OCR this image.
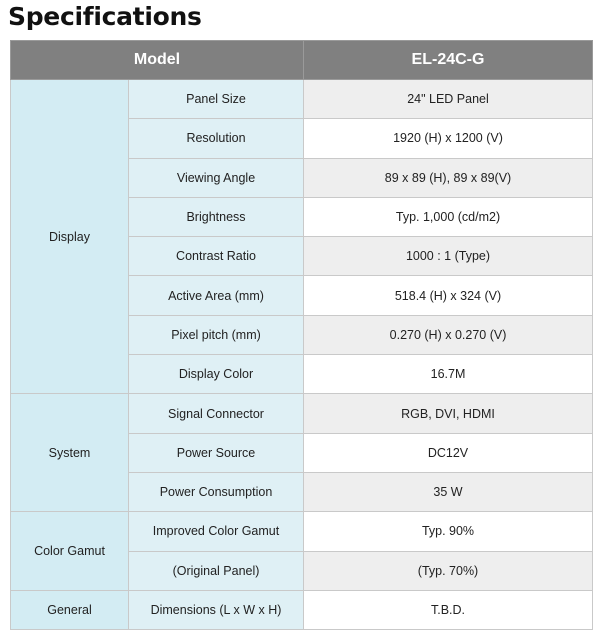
Specifications
Model		EL-24C-G
Display	Panel Size	24" LED Panel
	Resolution	1920 (H) x 1200 (V)
	Viewing Angle	89 x 89 (H), 89 x 89(V)
	Brightness	Typ. 1,000 (cd/m2)
	Contrast Ratio	1000 : 1 (Type)
	Active Area (mm)	518.4 (H) x 324 (V)
	Pixel pitch (mm)	0.270 (H) x 0.270 (V)
	Display Color	16.7M
System	Signal Connector	RGB, DVI, HDMI
	Power Source	DC12V
	Power Consumption	35 W
Color Gamut	Improved Color Gamut	Typ. 90%
	(Original Panel)	(Typ. 70%)
General	Dimensions (L x W x H)	T.B.D.
